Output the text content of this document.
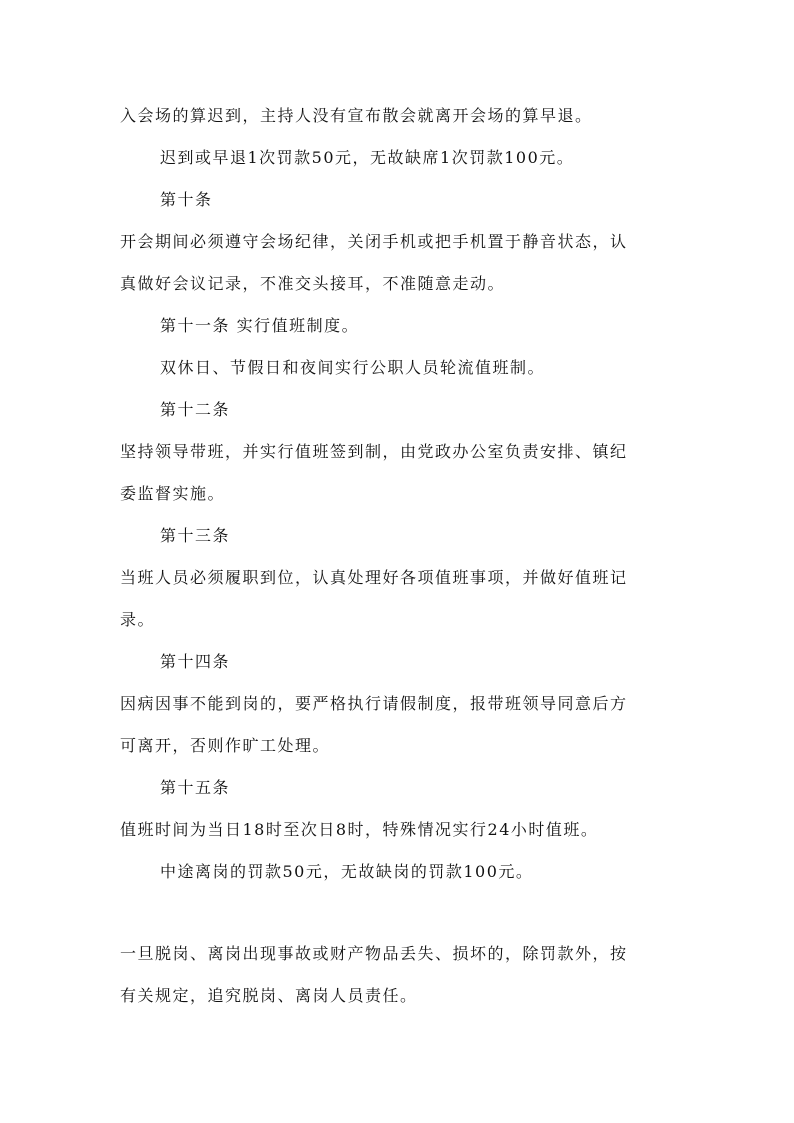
入会场的算迟到，主持人没有宣布散会就离开会场的算早退。
迟到或早退1次罚款50元，无故缺席1次罚款100元。
第十条
开会期间必须遵守会场纪律，关闭手机或把手机置于静音状态，认
真做好会议记录，不准交头接耳，不准随意走动。
第十一条 实行值班制度。
双休日、节假日和夜间实行公职人员轮流值班制。
第十二条
坚持领导带班，并实行值班签到制，由党政办公室负责安排、镇纪
委监督实施。
第十三条
当班人员必须履职到位，认真处理好各项值班事项，并做好值班记
录。
第十四条
因病因事不能到岗的，要严格执行请假制度，报带班领导同意后方
可离开，否则作旷工处理。
第十五条
值班时间为当日18时至次日8时，特殊情况实行24小时值班。
中途离岗的罚款50元，无故缺岗的罚款100元。
一旦脱岗、离岗出现事故或财产物品丢失、损坏的，除罚款外，按
有关规定，追究脱岗、离岗人员责任。
